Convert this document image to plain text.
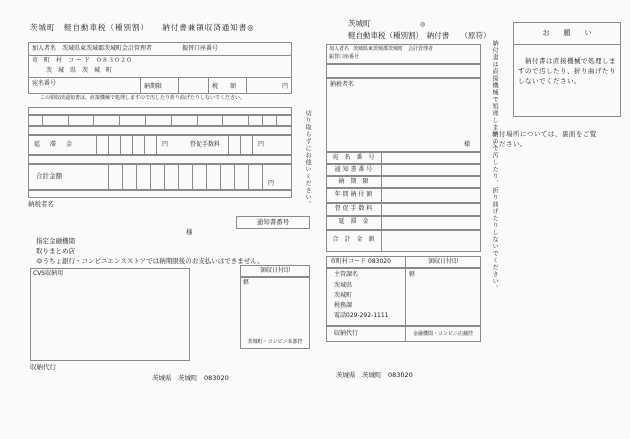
茨城町　軽自動車税（種別割）　　納付書兼領収済通知書◎
加入者名 茨城県東茨城郡茨城町会計管理者	振替口座番号
市　町　村　コ ー ド ０８３０２０
茨　城　県　茨　城　町
宛名番号	納期限	税　　額	円
この領収済通知書は、直接機械で処理しますので汚したり折り曲げたりしないでください。
延　滞　金	円	督促手数料	円
合計金額
円
納税者名
通知書番号
様
指定金融機関
取りまとめ店
ゆうちょ銀行・コンビニエンスストアでは納期限後のお支払いはできません。
CVS収納用	領収日付印
軽
茨城町・コンビニ本部控
収納代行
茨城県　茨城町　083020
切り取らずにお使いください。
茨城町	◎
軽自動車税（種別割）　納付書　　（原符）
加入者名 茨城県東茨城郡茨城町　会計管理者
振替口座番号
納税者名
様
宛　名　番　号
通 知 書 番 号
納　期　限
年 間 納 付 額
督 促 手 数 料
延　滞　金
合　計　金　額
市町村コード 083020	領収日付印
主管課名
茨城県
茨城町
税務課
電話029-292-1111
軽
収納代行	金融機関・コンビニ店舗控
茨城県　茨城町　083020
納付書は直接機械で処理しますので汚したり、折り曲げたりしないでください。
お　　願　　い
　納付書は直接機械で処理しますので汚したり、折り曲げたりしないでください。
納付場所については、裏面をご覧ください。
